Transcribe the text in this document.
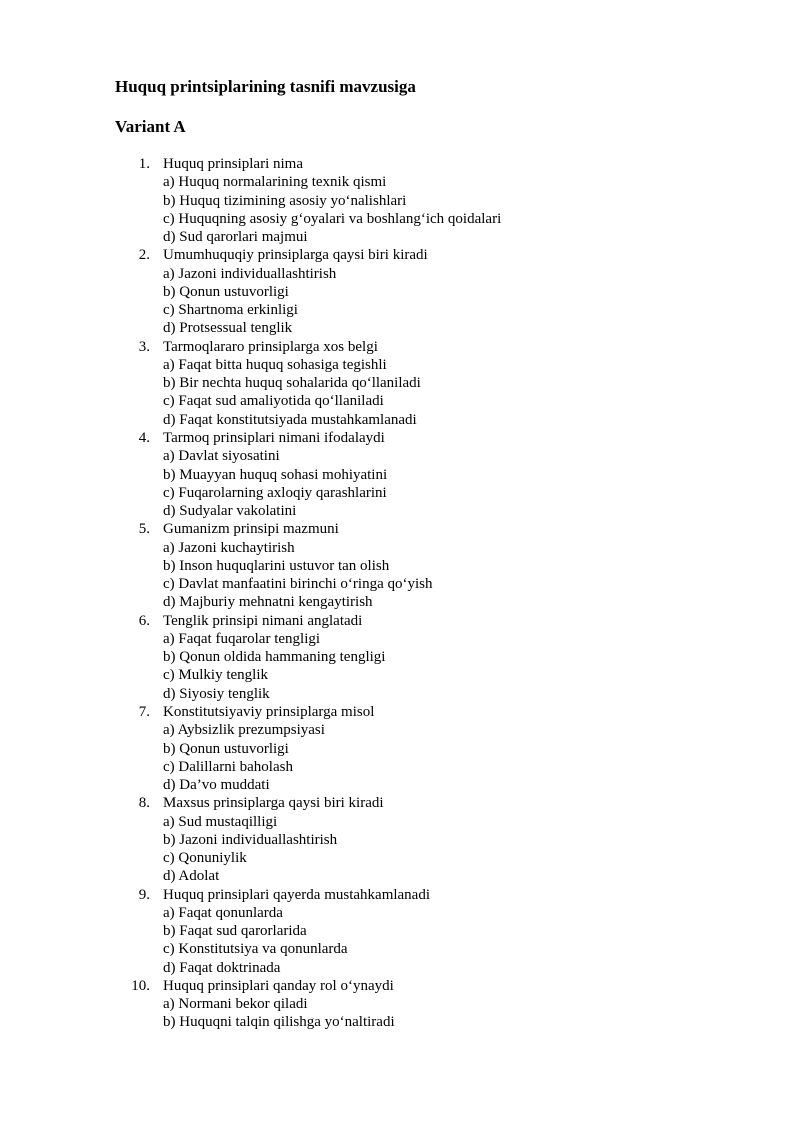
Huquq printsiplarining tasnifi mavzusiga
Variant A
1. Huquq prinsiplari nima
a) Huquq normalarining texnik qismi
b) Huquq tizimining asosiy yo‘nalishlari
c) Huquqning asosiy g‘oyalari va boshlang‘ich qoidalari
d) Sud qarorlari majmui
2. Umumhuquqiy prinsiplarga qaysi biri kiradi
a) Jazoni individuallashtirish
b) Qonun ustuvorligi
c) Shartnoma erkinligi
d) Protsessual tenglik
3. Tarmoqlararo prinsiplarga xos belgi
a) Faqat bitta huquq sohasiga tegishli
b) Bir nechta huquq sohalarida qo‘llaniladi
c) Faqat sud amaliyotida qo‘llaniladi
d) Faqat konstitutsiyada mustahkamlanadi
4. Tarmoq prinsiplari nimani ifodalaydi
a) Davlat siyosatini
b) Muayyan huquq sohasi mohiyatini
c) Fuqarolarning axloqiy qarashlarini
d) Sudyalar vakolatini
5. Gumanizm prinsipi mazmuni
a) Jazoni kuchaytirish
b) Inson huquqlarini ustuvor tan olish
c) Davlat manfaatini birinchi o‘ringa qo‘yish
d) Majburiy mehnatni kengaytirish
6. Tenglik prinsipi nimani anglatadi
a) Faqat fuqarolar tengligi
b) Qonun oldida hammaning tengligi
c) Mulkiy tenglik
d) Siyosiy tenglik
7. Konstitutsiyaviy prinsiplarga misol
a) Aybsizlik prezumpsiyasi
b) Qonun ustuvorligi
c) Dalillarni baholash
d) Da’vo muddati
8. Maxsus prinsiplarga qaysi biri kiradi
a) Sud mustaqilligi
b) Jazoni individuallashtirish
c) Qonuniylik
d) Adolat
9. Huquq prinsiplari qayerda mustahkamlanadi
a) Faqat qonunlarda
b) Faqat sud qarorlarida
c) Konstitutsiya va qonunlarda
d) Faqat doktrinada
10. Huquq prinsiplari qanday rol o‘ynaydi
a) Normani bekor qiladi
b) Huquqni talqin qilishga yo‘naltiradi
